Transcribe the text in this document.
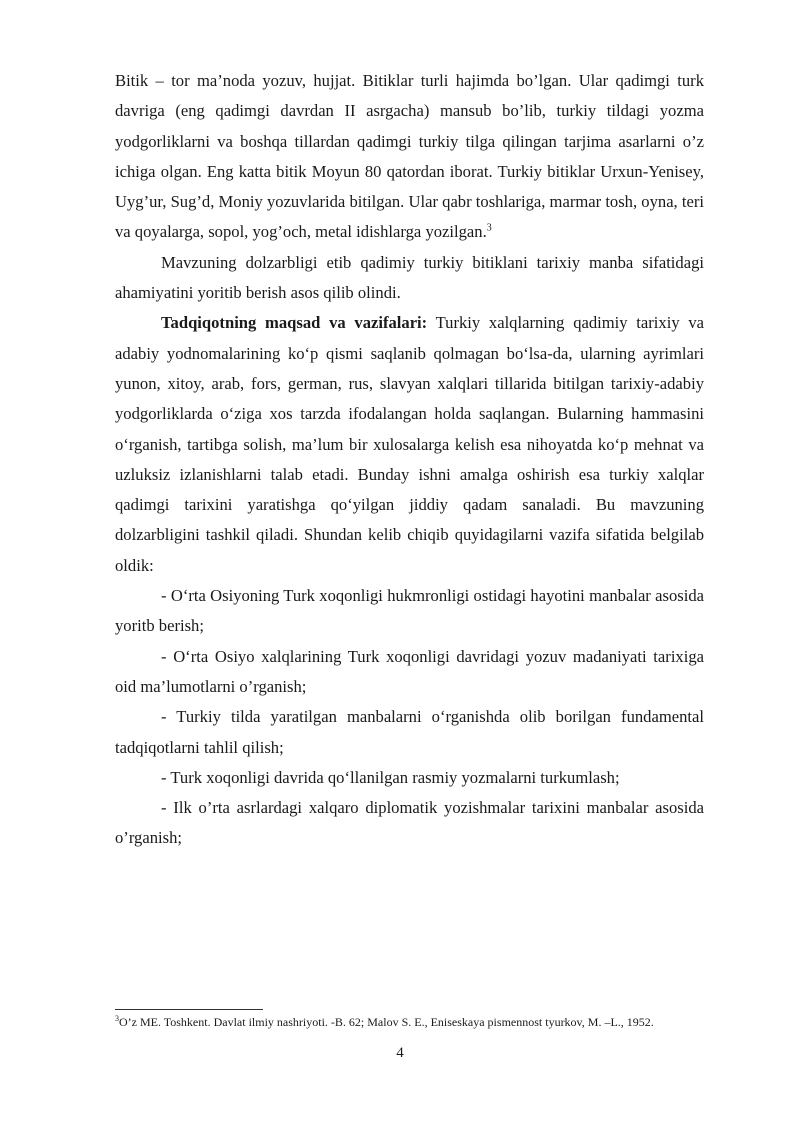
Bitik – tor ma’noda yozuv, hujjat. Bitiklar turli hajimda bo’lgan. Ular qadimgi turk davriga (eng qadimgi davrdan II asrgacha) mansub bo’lib, turkiy tildagi yozma yodgorliklarni va boshqa tillardan qadimgi turkiy tilga qilingan tarjima asarlarni o’z ichiga olgan. Eng katta bitik Moyun 80 qatordan iborat. Turkiy bitiklar Urxun-Yenisey, Uyg’ur, Sug’d, Moniy yozuvlarida bitilgan. Ular qabr toshlariga, marmar tosh, oyna, teri va qoyalarga, sopol, yog’och, metal idishlarga yozilgan.$^3$

Mavzuning dolzarbligi etib qadimiy turkiy bitiklani tarixiy manba sifatidagi ahamiyatini yoritib berish asos qilib olindi.

Tadqiqotning maqsad va vazifalari: Turkiy xalqlarning qadimiy tarixiy va adabiy yodnomalarining ko‘p qismi saqlanib qolmagan bo‘lsa-da, ularning ayrimlari yunon, xitoy, arab, fors, german, rus, slavyan xalqlari tillarida bitilgan tarixiy-adabiy yodgorliklarda o‘ziga xos tarzda ifodalangan holda saqlangan. Bularning hammasini o‘rganish, tartibga solish, ma’lum bir xulosalarga kelish esa nihoyatda ko‘p mehnat va uzluksiz izlanishlarni talab etadi. Bunday ishni amalga oshirish esa turkiy xalqlar qadimgi tarixini yaratishga qo‘yilgan jiddiy qadam sanaladi. Bu mavzuning dolzarbligini tashkil qiladi. Shundan kelib chiqib quyidagilarni vazifa sifatida belgilab oldik:

- O‘rta Osiyoning Turk xoqonligi hukmronligi ostidagi hayotini manbalar asosida yoritb berish;

- O‘rta Osiyo xalqlarining Turk xoqonligi davridagi yozuv madaniyati tarixiga oid ma’lumotlarni o’rganish;

- Turkiy tilda yaratilgan manbalarni o‘rganishda olib borilgan fundamental tadqiqotlarni tahlil qilish;

- Turk xoqonligi davrida qo‘llanilgan rasmiy yozmalarni turkumlash;

- Ilk o’rta asrlardagi xalqaro diplomatik yozishmalar tarixini manbalar asosida o’rganish;

$^3$O’z ME. Toshkent. Davlat ilmiy nashriyoti. -B. 62; Malov S. E., Eniseskaya pismennost tyurkov, M. –L., 1952.
4
